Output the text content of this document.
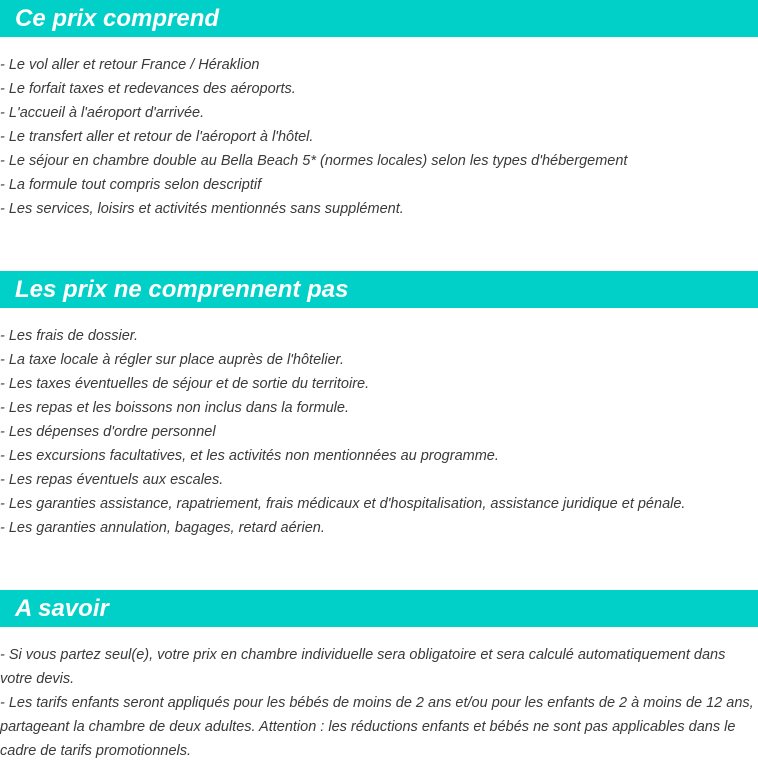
Ce prix comprend
- Le vol aller et retour France / Héraklion
- Le forfait taxes et redevances des aéroports.
- L'accueil à l'aéroport d'arrivée.
- Le transfert aller et retour de l'aéroport à l'hôtel.
- Le séjour en chambre double au Bella Beach 5* (normes locales) selon les types d'hébergement
- La formule tout compris selon descriptif
- Les services, loisirs et activités mentionnés sans supplément.
Les prix ne comprennent pas
- Les frais de dossier.
- La taxe locale à régler sur place auprès de l'hôtelier.
- Les taxes éventuelles de séjour et de sortie du territoire.
- Les repas et les boissons non inclus dans la formule.
- Les dépenses d'ordre personnel
- Les excursions facultatives, et les activités non mentionnées au programme.
- Les repas éventuels aux escales.
- Les garanties assistance, rapatriement, frais médicaux et d'hospitalisation, assistance juridique et pénale.
- Les garanties annulation, bagages, retard aérien.
A savoir

- Si vous partez seul(e), votre prix en chambre individuelle sera obligatoire et sera calculé automatiquement dans votre devis.

- Les tarifs enfants seront appliqués pour les bébés de moins de 2 ans et/ou pour les enfants de 2 à moins de 12 ans, partageant la chambre de deux adultes. Attention : les réductions enfants et bébés ne sont pas applicables dans le cadre de tarifs promotionnels.
